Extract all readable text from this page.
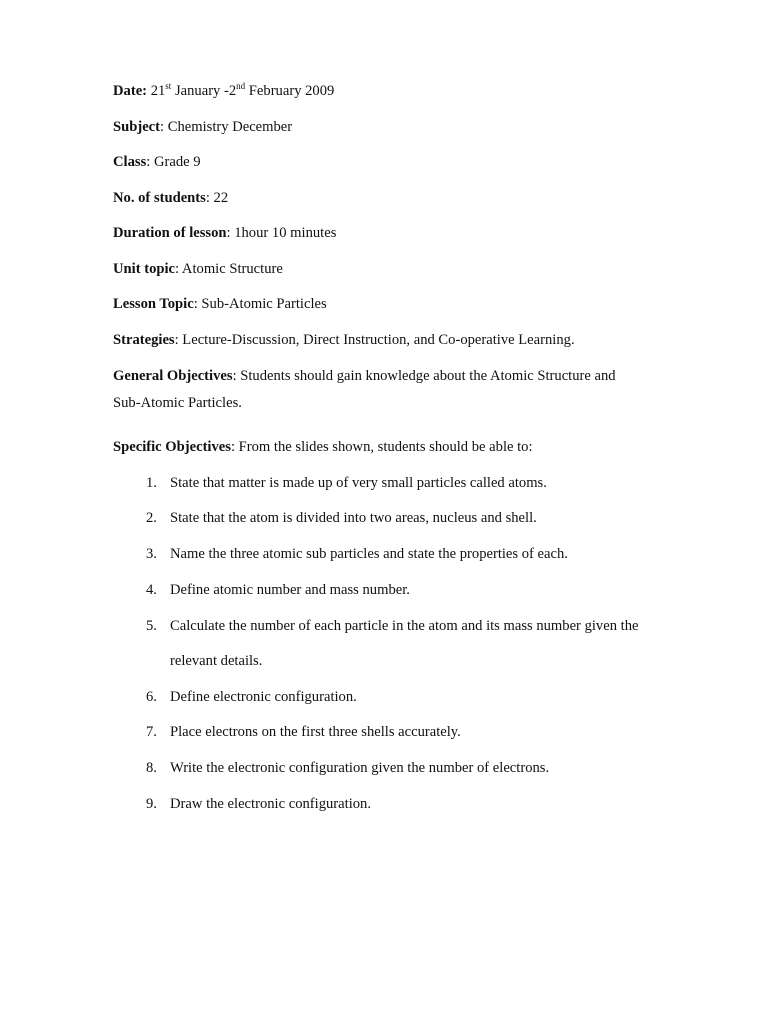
Date: 21st January -2nd February 2009
Subject: Chemistry December
Class: Grade 9
No. of students: 22
Duration of lesson: 1hour 10 minutes
Unit topic: Atomic Structure
Lesson Topic: Sub-Atomic Particles
Strategies: Lecture-Discussion, Direct Instruction, and Co-operative Learning.
General Objectives: Students should gain knowledge about the Atomic Structure and
Sub-Atomic Particles.
Specific Objectives: From the slides shown, students should be able to:
1. State that matter is made up of very small particles called atoms.
2. State that the atom is divided into two areas, nucleus and shell.
3. Name the three atomic sub particles and state the properties of each.
4. Define atomic number and mass number.
5. Calculate the number of each particle in the atom and its mass number given the
relevant details.
6. Define electronic configuration.
7. Place electrons on the first three shells accurately.
8. Write the electronic configuration given the number of electrons.
9. Draw the electronic configuration.
